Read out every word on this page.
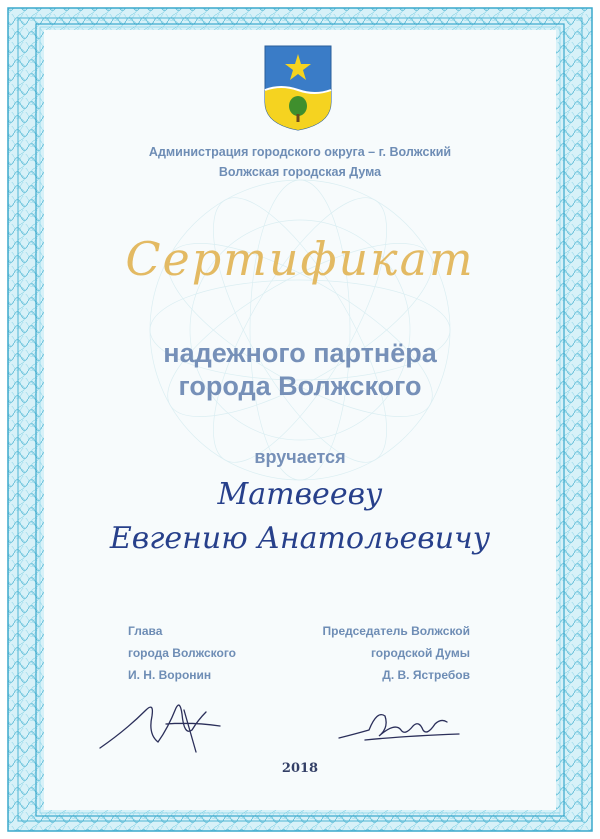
Администрация городского округа – г. Волжский
Волжская городская Дума
Сертификат
надежного партнёра
города Волжского
вручается
Матвееву
Евгению Анатольевичу
Глава
города Волжского
И. Н. Воронин
Председатель Волжской
городской Думы
Д. В. Ястребов
2018
